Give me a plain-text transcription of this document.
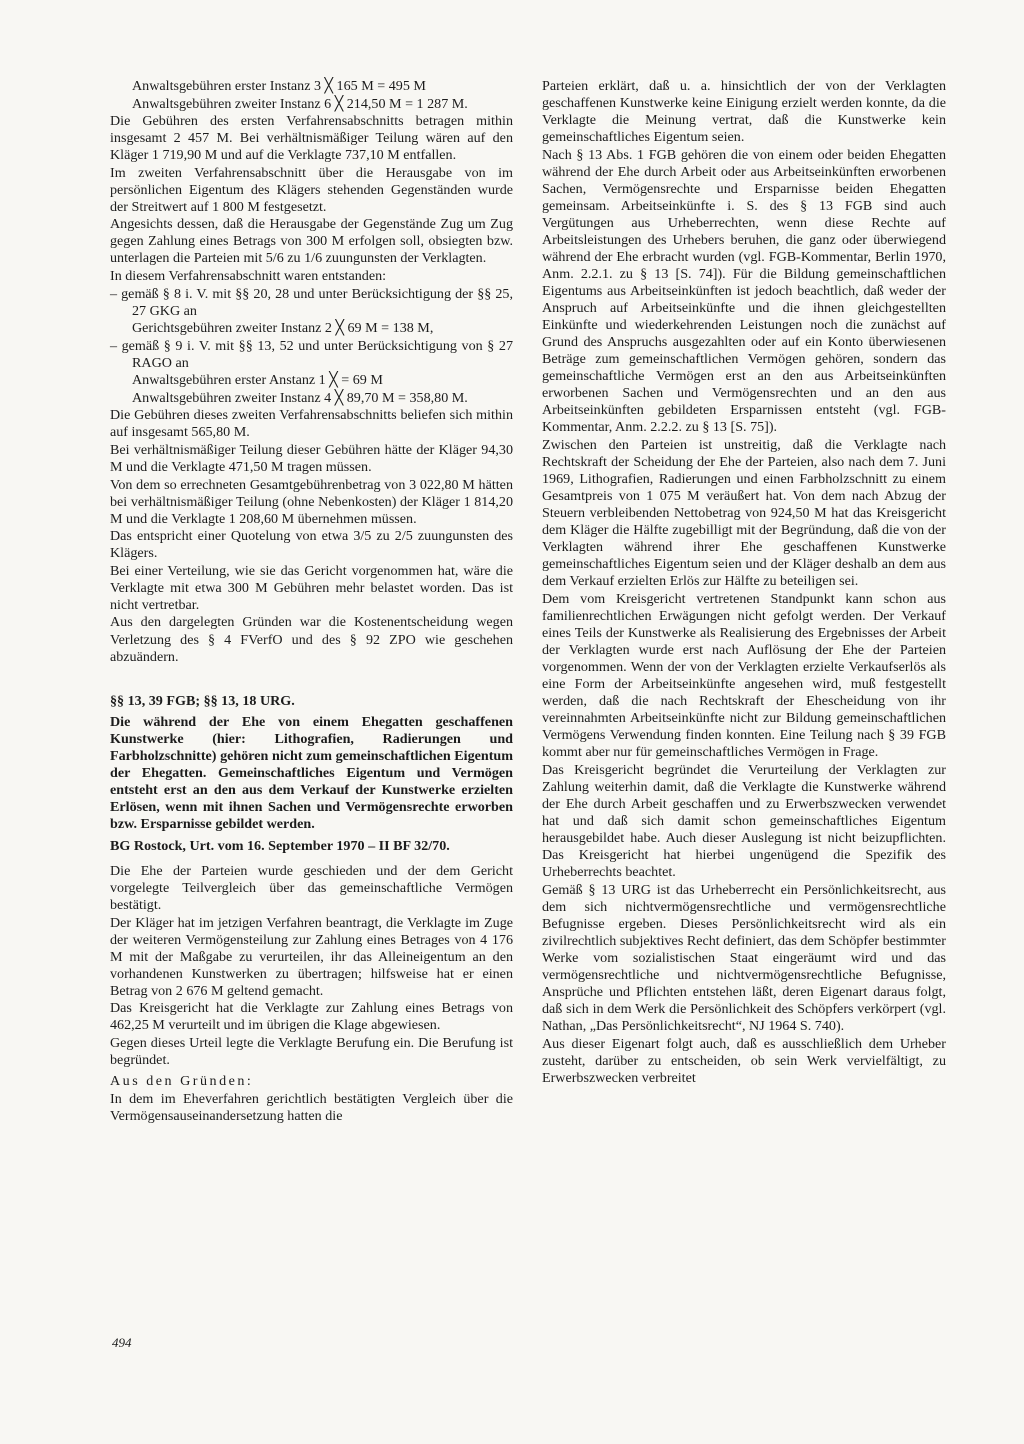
Anwaltsgebühren erster Instanz 3 ╳ 165 M = 495 M

Anwaltsgebühren zweiter Instanz 6 ╳ 214,50 M = 1 287 M.

Die Gebühren des ersten Verfahrensabschnitts betragen mithin insgesamt 2 457 M. Bei verhältnismäßiger Teilung wären auf den Kläger 1 719,90 M und auf die Verklagte 737,10 M entfallen.

Im zweiten Verfahrensabschnitt über die Herausgabe von im persönlichen Eigentum des Klägers stehenden Gegenständen wurde der Streitwert auf 1 800 M festgesetzt.

Angesichts dessen, daß die Herausgabe der Gegenstände Zug um Zug gegen Zahlung eines Betrags von 300 M erfolgen soll, obsiegten bzw. unterlagen die Parteien mit 5/6 zu 1/6 zuungunsten der Verklagten.

In diesem Verfahrensabschnitt waren entstanden:

– gemäß § 8 i. V. mit §§ 20, 28 und unter Berücksichtigung der §§ 25, 27 GKG an

Gerichtsgebühren zweiter Instanz 2 ╳ 69 M = 138 M,

– gemäß § 9 i. V. mit §§ 13, 52 und unter Berücksichtigung von § 27 RAGO an

Anwaltsgebühren erster Anstanz 1 ╳ = 69 M

Anwaltsgebühren zweiter Instanz 4 ╳ 89,70 M = 358,80 M.

Die Gebühren dieses zweiten Verfahrensabschnitts beliefen sich mithin auf insgesamt 565,80 M.

Bei verhältnismäßiger Teilung dieser Gebühren hätte der Kläger 94,30 M und die Verklagte 471,50 M tragen müssen.

Von dem so errechneten Gesamtgebührenbetrag von 3 022,80 M hätten bei verhältnismäßiger Teilung (ohne Nebenkosten) der Kläger 1 814,20 M und die Verklagte 1 208,60 M übernehmen müssen.

Das entspricht einer Quotelung von etwa 3/5 zu 2/5 zuungunsten des Klägers.

Bei einer Verteilung, wie sie das Gericht vorgenommen hat, wäre die Verklagte mit etwa 300 M Gebühren mehr belastet worden. Das ist nicht vertretbar.

Aus den dargelegten Gründen war die Kostenentscheidung wegen Verletzung des § 4 FVerfO und des § 92 ZPO wie geschehen abzuändern.

§§ 13, 39 FGB; §§ 13, 18 URG.

Die während der Ehe von einem Ehegatten geschaffenen Kunstwerke (hier: Lithografien, Radierungen und Farbholzschnitte) gehören nicht zum gemeinschaftlichen Eigentum der Ehegatten. Gemeinschaftliches Eigentum und Vermögen entsteht erst an den aus dem Verkauf der Kunstwerke erzielten Erlösen, wenn mit ihnen Sachen und Vermögensrechte erworben bzw. Ersparnisse gebildet werden.

BG Rostock, Urt. vom 16. September 1970 – II BF 32/70.

Die Ehe der Parteien wurde geschieden und der dem Gericht vorgelegte Teilvergleich über das gemeinschaftliche Vermögen bestätigt.

Der Kläger hat im jetzigen Verfahren beantragt, die Verklagte im Zuge der weiteren Vermögensteilung zur Zahlung eines Betrages von 4 176 M mit der Maßgabe zu verurteilen, ihr das Alleineigentum an den vorhandenen Kunstwerken zu übertragen; hilfsweise hat er einen Betrag von 2 676 M geltend gemacht.

Das Kreisgericht hat die Verklagte zur Zahlung eines Betrags von 462,25 M verurteilt und im übrigen die Klage abgewiesen.

Gegen dieses Urteil legte die Verklagte Berufung ein. Die Berufung ist begründet.

Aus den Gründen:

In dem im Eheverfahren gerichtlich bestätigten Vergleich über die Vermögensauseinandersetzung hatten die

Parteien erklärt, daß u. a. hinsichtlich der von der Verklagten geschaffenen Kunstwerke keine Einigung erzielt werden konnte, da die Verklagte die Meinung vertrat, daß die Kunstwerke kein gemeinschaftliches Eigentum seien.

Nach § 13 Abs. 1 FGB gehören die von einem oder beiden Ehegatten während der Ehe durch Arbeit oder aus Arbeitseinkünften erworbenen Sachen, Vermögensrechte und Ersparnisse beiden Ehegatten gemeinsam. Arbeitseinkünfte i. S. des § 13 FGB sind auch Vergütungen aus Urheberrechten, wenn diese Rechte auf Arbeitsleistungen des Urhebers beruhen, die ganz oder überwiegend während der Ehe erbracht wurden (vgl. FGB-Kommentar, Berlin 1970, Anm. 2.2.1. zu § 13 [S. 74]). Für die Bildung gemeinschaftlichen Eigentums aus Arbeitseinkünften ist jedoch beachtlich, daß weder der Anspruch auf Arbeitseinkünfte und die ihnen gleichgestellten Einkünfte und wiederkehrenden Leistungen noch die zunächst auf Grund des Anspruchs ausgezahlten oder auf ein Konto überwiesenen Beträge zum gemeinschaftlichen Vermögen gehören, sondern das gemeinschaftliche Vermögen erst an den aus Arbeitseinkünften erworbenen Sachen und Vermögensrechten und an den aus Arbeitseinkünften gebildeten Ersparnissen entsteht (vgl. FGB-Kommentar, Anm. 2.2.2. zu § 13 [S. 75]).

Zwischen den Parteien ist unstreitig, daß die Verklagte nach Rechtskraft der Scheidung der Ehe der Parteien, also nach dem 7. Juni 1969, Lithografien, Radierungen und einen Farbholzschnitt zu einem Gesamtpreis von 1 075 M veräußert hat. Von dem nach Abzug der Steuern verbleibenden Nettobetrag von 924,50 M hat das Kreisgericht dem Kläger die Hälfte zugebilligt mit der Begründung, daß die von der Verklagten während ihrer Ehe geschaffenen Kunstwerke gemeinschaftliches Eigentum seien und der Kläger deshalb an dem aus dem Verkauf erzielten Erlös zur Hälfte zu beteiligen sei.

Dem vom Kreisgericht vertretenen Standpunkt kann schon aus familienrechtlichen Erwägungen nicht gefolgt werden. Der Verkauf eines Teils der Kunstwerke als Realisierung des Ergebnisses der Arbeit der Verklagten wurde erst nach Auflösung der Ehe der Parteien vorgenommen. Wenn der von der Verklagten erzielte Verkaufserlös als eine Form der Arbeitseinkünfte angesehen wird, muß festgestellt werden, daß die nach Rechtskraft der Ehescheidung von ihr vereinnahmten Arbeitseinkünfte nicht zur Bildung gemeinschaftlichen Vermögens Verwendung finden konnten. Eine Teilung nach § 39 FGB kommt aber nur für gemeinschaftliches Vermögen in Frage.

Das Kreisgericht begründet die Verurteilung der Verklagten zur Zahlung weiterhin damit, daß die Verklagte die Kunstwerke während der Ehe durch Arbeit geschaffen und zu Erwerbszwecken verwendet hat und daß sich damit schon gemeinschaftliches Eigentum herausgebildet habe. Auch dieser Auslegung ist nicht beizupflichten. Das Kreisgericht hat hierbei ungenügend die Spezifik des Urheberrechts beachtet.

Gemäß § 13 URG ist das Urheberrecht ein Persönlichkeitsrecht, aus dem sich nichtvermögensrechtliche und vermögensrechtliche Befugnisse ergeben. Dieses Persönlichkeitsrecht wird als ein zivilrechtlich subjektives Recht definiert, das dem Schöpfer bestimmter Werke vom sozialistischen Staat eingeräumt wird und das vermögensrechtliche und nichtvermögensrechtliche Befugnisse, Ansprüche und Pflichten entstehen läßt, deren Eigenart daraus folgt, daß sich in dem Werk die Persönlichkeit des Schöpfers verkörpert (vgl. Nathan, „Das Persönlichkeitsrecht“, NJ 1964 S. 740).

Aus dieser Eigenart folgt auch, daß es ausschließlich dem Urheber zusteht, darüber zu entscheiden, ob sein Werk vervielfältigt, zu Erwerbszwecken verbreitet

494
